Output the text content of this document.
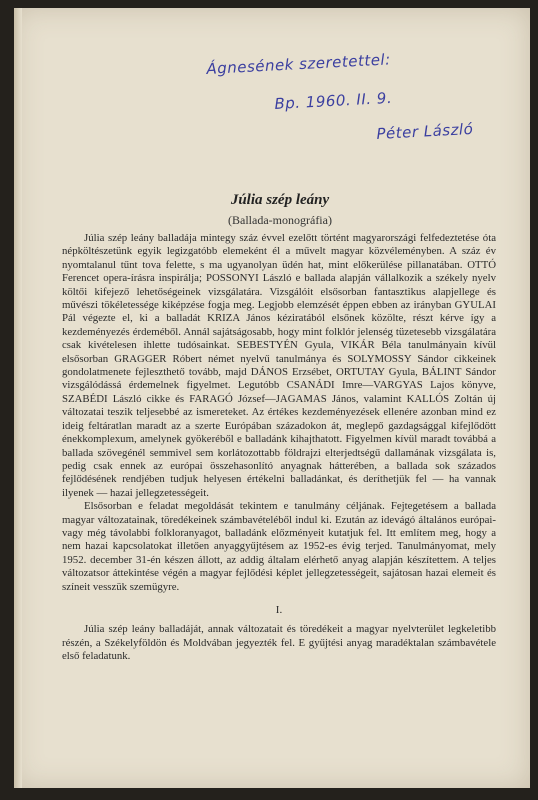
Ágnesének szeretettel:
Bp. 1960. II. 9.
Péter László
Júlia szép leány
(Ballada-monográfia)

Júlia szép leány balladája mintegy száz évvel ezelőtt történt magyarországi felfedeztetése óta népköltészetünk egyik legizgatóbb elemeként él a művelt magyar közvéleményben. A száz év nyomtalanul tűnt tova felette, s ma ugyanolyan üdén hat, mint előkerülése pillanatában. OTTÓ Ferencet opera-írásra inspirálja; POSSONYI László e ballada alapján vállalkozik a székely nyelv költői kifejező lehetőségeinek vizsgálatára. Vizsgálóit elsősorban fantasztikus alapjellege és művészi tökéletessége kiképzése fogja meg. Legjobb elemzését éppen ebben az irányban GYULAI Pál végezte el, ki a balladát KRIZA János kéziratából elsőnek közölte, részt kérve így a kezdeményezés érdeméből. Annál sajátságosabb, hogy mint folklór jelenség tüzetesebb vizsgálatára csak kivételesen ihlette tudósainkat. SEBESTYÉN Gyula, VIKÁR Béla tanulmányain kívül elsősorban GRAGGER Róbert német nyelvű tanulmánya és SOLYMOSSY Sándor cikkeinek gondolatmenete fejleszthető tovább, majd DÁNOS Erzsébet, ORTUTAY Gyula, BÁLINT Sándor vizsgálódássá érdemelnek figyelmet. Legutóbb CSANÁDI Imre—VARGYAS Lajos könyve, SZABÉDI László cikke és FARAGÓ József—JAGAMAS János, valamint KALLÓS Zoltán új változatai teszik teljesebbé az ismereteket. Az értékes kezdeményezések ellenére azonban mind ez ideig feltáratlan maradt az a szerte Európában századokon át, meglepő gazdagsággal kifejlődött énekkomplexum, amelynek gyökeréből e balladánk kihajthatott. Figyelmen kívül maradt továbbá a ballada szövegénél semmivel sem korlátozottabb földrajzi elterjedtségű dallamának vizsgálata is, pedig csak ennek az európai összehasonlító anyagnak hátterében, a ballada sok százados fejlődésének rendjében tudjuk helyesen értékelni balladánkat, és deríthetjük fel — ha vannak ilyenek — hazai jellegzetességeit.

Elsősorban e feladat megoldását tekintem e tanulmány céljának. Fejtegetésem a ballada magyar változatainak, töredékeinek számbavételéből indul ki. Ezután az idevágó általános európai- vagy még távolabbi folkloranyagot, balladánk előzményeit kutatjuk fel. Itt említem meg, hogy a nem hazai kapcsolatokat illetően anyaggyűjtésem az 1952-es évig terjed. Tanulmányomat, mely 1952. december 31-én készen állott, az addig általam elérhető anyag alapján készítettem. A teljes változatsor áttekintése végén a magyar fejlődési képlet jellegzetességeit, sajátosan hazai elemeit és színeit vesszük szemügyre.

I.

Júlia szép leány balladáját, annak változatait és töredékeit a magyar nyelvterület legkeletibb részén, a Székelyföldön és Moldvában jegyezték fel. E gyűjtési anyag maradéktalan számbavétele első feladatunk.
